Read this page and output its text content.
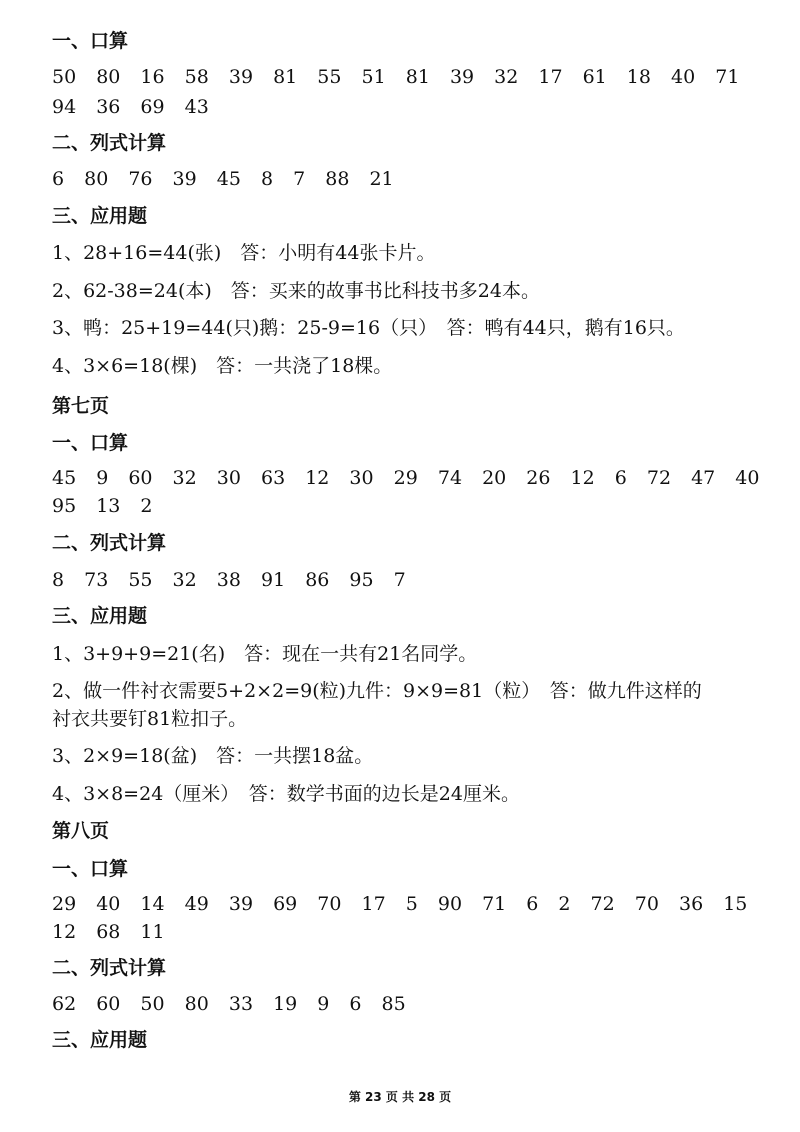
一、口算
50 80 16 58 39 81 55 51 81 39 32 17 61 18 40 71
94 36 69 43
二、列式计算
6 80 76 39 45 8 7 88 21
三、应用题
1、28+16=44(张)　答：小明有44张卡片。
2、62-38=24(本)　答：买来的故事书比科技书多24本。
3、鸭：25+19=44(只)鹅：25-9=16（只）　答：鸭有44只，鹅有16只。
4、3×6=18(棵)　答：一共浇了18棵。
第七页
一、口算
45 9 60 32 30 63 12 30 29 74 20 26 12 6 72 47 40
95 13 2
二、列式计算
8 73 55 32 38 91 86 95 7
三、应用题
1、3+9+9=21(名)　答：现在一共有21名同学。
2、做一件衬衣需要5+2×2=9(粒)九件：9×9=81（粒）　答：做九件这样的
衬衣共要钉81粒扣子。
3、2×9=18(盆)　答：一共摆18盆。
4、3×8=24（厘米）　答：数学书面的边长是24厘米。
第八页
一、口算
29 40 14 49 39 69 70 17 5 90 71 6 2 72 70 36 15
12 68 11
二、列式计算
62 60 50 80 33 19 9 6 85
三、应用题
第 23 页 共 28 页
